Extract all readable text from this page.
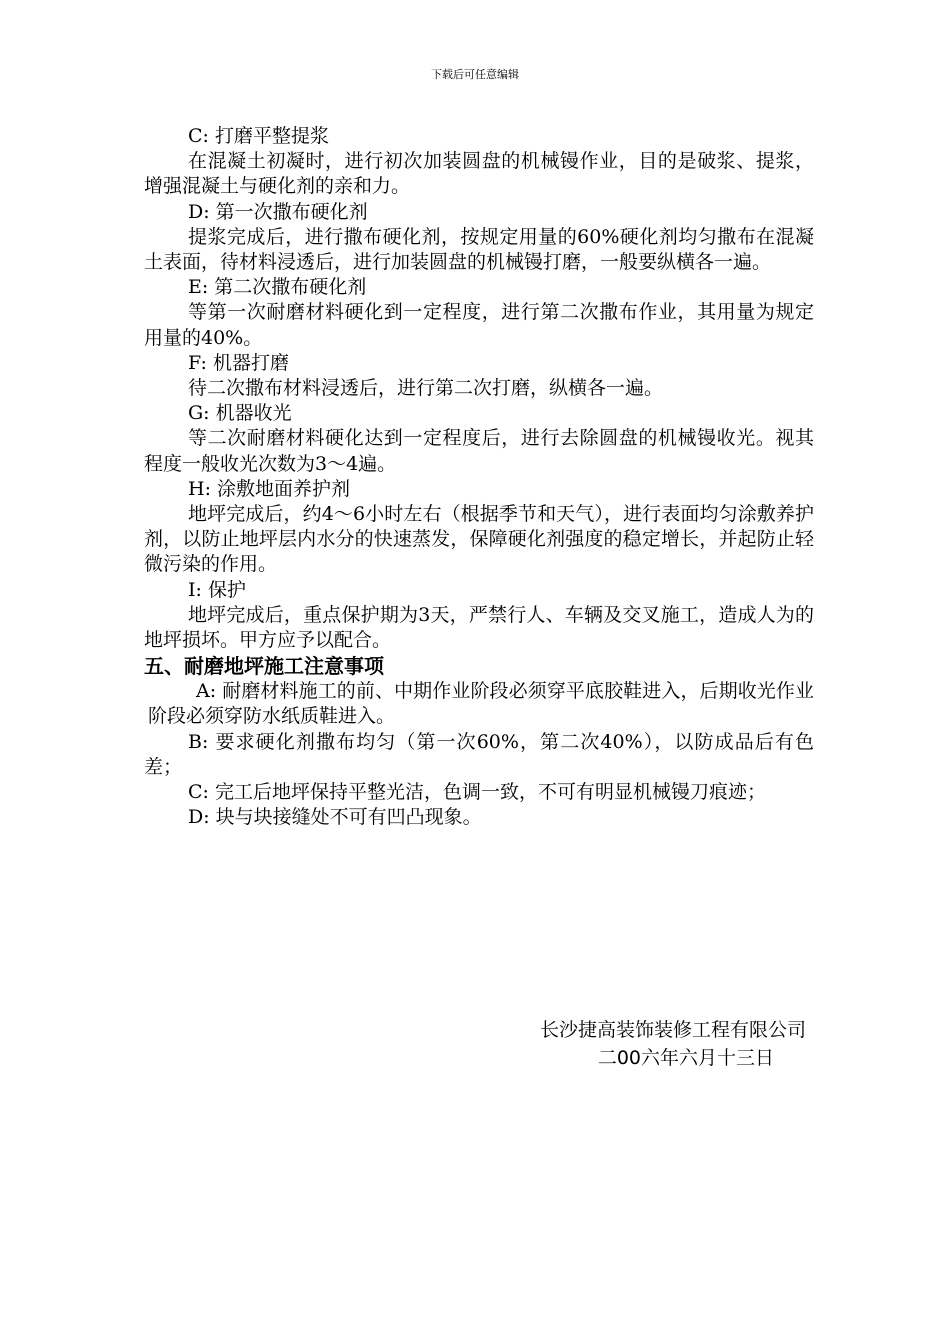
下载后可任意编辑
C: 打磨平整提浆
在混凝土初凝时，进行初次加装圆盘的机械镘作业，目的是破浆、提浆，增强混凝土与硬化剂的亲和力。
D: 第一次撒布硬化剂
提浆完成后，进行撒布硬化剂，按规定用量的60%硬化剂均匀撒布在混凝土表面，待材料浸透后，进行加装圆盘的机械镘打磨，一般要纵横各一遍。
E: 第二次撒布硬化剂
等第一次耐磨材料硬化到一定程度，进行第二次撒布作业，其用量为规定用量的40%。
F: 机器打磨
待二次撒布材料浸透后，进行第二次打磨，纵横各一遍。
G: 机器收光
等二次耐磨材料硬化达到一定程度后，进行去除圆盘的机械镘收光。视其程度一般收光次数为3～4遍。
H: 涂敷地面养护剂
地坪完成后，约4～6小时左右（根据季节和天气），进行表面均匀涂敷养护剂，以防止地坪层内水分的快速蒸发，保障硬化剂强度的稳定增长，并起防止轻微污染的作用。
I: 保护
地坪完成后，重点保护期为3天，严禁行人、车辆及交叉施工，造成人为的地坪损坏。甲方应予以配合。
五、耐磨地坪施工注意事项
A: 耐磨材料施工的前、中期作业阶段必须穿平底胶鞋进入，后期收光作业阶段必须穿防水纸质鞋进入。
B: 要求硬化剂撒布均匀（第一次60%，第二次40%），以防成品后有色差；
C: 完工后地坪保持平整光洁，色调一致，不可有明显机械镘刀痕迹；
D: 块与块接缝处不可有凹凸现象。
长沙捷高装饰装修工程有限公司
二00六年六月十三日
